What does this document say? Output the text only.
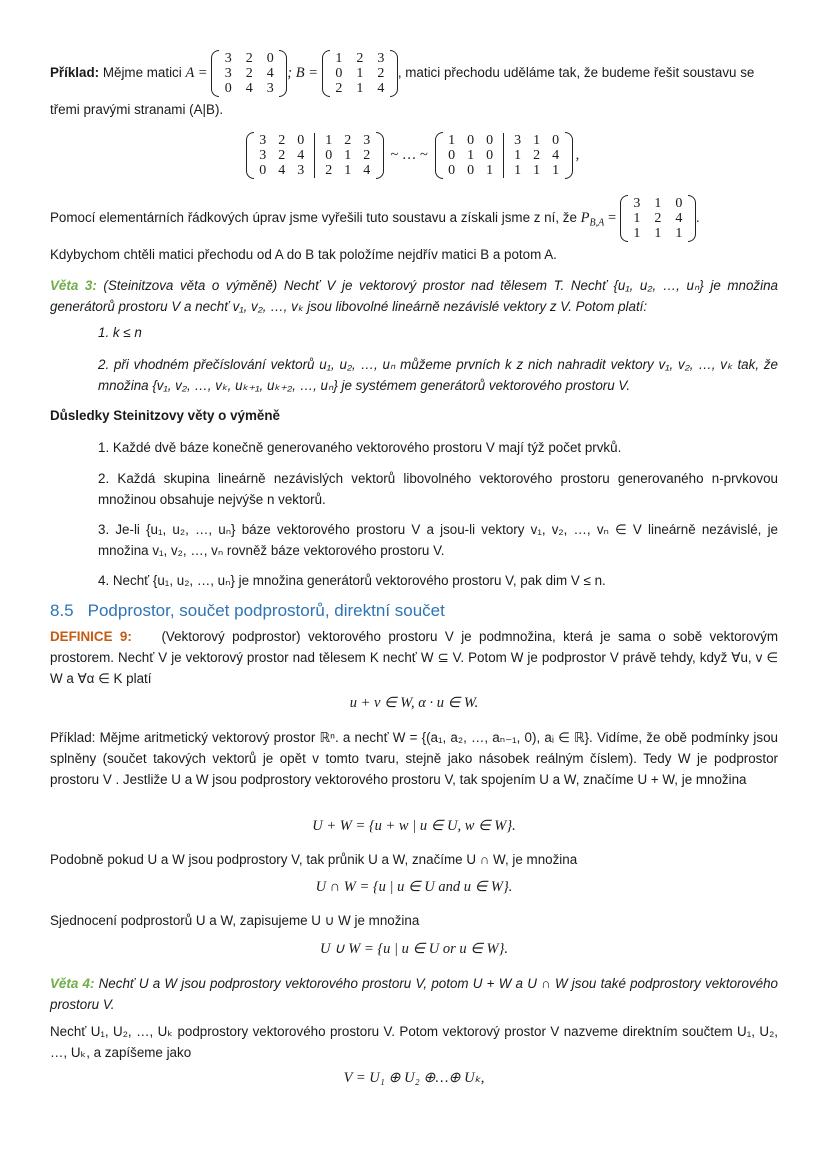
Příklad: Mějme matici A =
3 2 0
3 2 4
0 4 3
; B =
1 2 3
0 1 2
2 1 4
, matici přechodu uděláme tak, že budeme řešit soustavu se
třemi pravými stranami (A|B).
3 2 0 1 2 3
3 2 4 0 1 2
0 4 3 2 1 4
~ … ~
1 0 0 3 1 0
0 1 0 1 2 4
0 0 1 1 1 1
,
Pomocí elementárních řádkových úprav jsme vyřešili tuto soustavu a získali jsme z ní, že $P_{B,A}$ =
3 1 0
1 2 4
1 1 1
.
Kdybychom chtěli matici přechodu od A do B tak položíme nejdřív matici B a potom A.
Věta 3: (Steinitzova věta o výměně) Nechť V je vektorový prostor nad tělesem T. Nechť {u₁, u₂, …, uₙ} je množina generátorů prostoru V a nechť v₁, v₂, …, vₖ jsou libovolné lineárně nezávislé vektory z V. Potom platí:
1. k ≤ n
2. při vhodném přečíslování vektorů u₁, u₂, …, uₙ můžeme prvních k z nich nahradit vektory v₁, v₂, …, vₖ tak, že množina {v₁, v₂, …, vₖ, uₖ₊₁, uₖ₊₂, …, uₙ} je systémem generátorů vektorového prostoru V.
Důsledky Steinitzovy věty o výměně
1. Každé dvě báze konečně generovaného vektorového prostoru V mají týž počet prvků.
2. Každá skupina lineárně nezávislých vektorů libovolného vektorového prostoru generovaného n-prvkovou množinou obsahuje nejvýše n vektorů.
3. Je-li {u₁, u₂, …, uₙ} báze vektorového prostoru V a jsou-li vektory v₁, v₂, …, vₙ ∈ V lineárně nezávislé, je množina v₁, v₂, …, vₙ rovněž báze vektorového prostoru V.
4. Nechť {u₁, u₂, …, uₙ} je množina generátorů vektorového prostoru V, pak dim V ≤ n.
8.5 Podprostor, součet podprostorů, direktní součet
DEFINICE 9: (Vektorový podprostor) vektorového prostoru V je podmnožina, která je sama o sobě vektorovým prostorem. Nechť V je vektorový prostor nad tělesem K nechť W ⊆ V. Potom W je podprostor V právě tehdy, když ∀u, v ∈ W a ∀α ∈ K platí
u + v ∈ W, α · u ∈ W.
Příklad: Mějme aritmetický vektorový prostor ℝⁿ. a nechť W = {(a₁, a₂, …, aₙ₋₁, 0), aᵢ ∈ ℝ}. Vidíme, že obě podmínky jsou splněny (součet takových vektorů je opět v tomto tvaru, stejně jako násobek reálným číslem). Tedy W je podprostor prostoru V . Jestliže U a W jsou podprostory vektorového prostoru V, tak spojením U a W, značíme U + W, je množina
U + W = {u + w | u ∈ U, w ∈ W}.
Podobně pokud U a W jsou podprostory V, tak průnik U a W, značíme U ∩ W, je množina
U ∩ W = {u | u ∈ U and u ∈ W}.
Sjednocení podprostorů U a W, zapisujeme U ∪ W je množina
U ∪ W = {u | u ∈ U or u ∈ W}.
Věta 4: Nechť U a W jsou podprostory vektorového prostoru V, potom U + W a U ∩ W jsou také podprostory vektorového prostoru V.
Nechť U₁, U₂, …, Uₖ podprostory vektorového prostoru V. Potom vektorový prostor V nazveme direktním součtem U₁, U₂, …, Uₖ, a zapíšeme jako
V = U₁ ⊕ U₂ ⊕…⊕ Uₖ,
